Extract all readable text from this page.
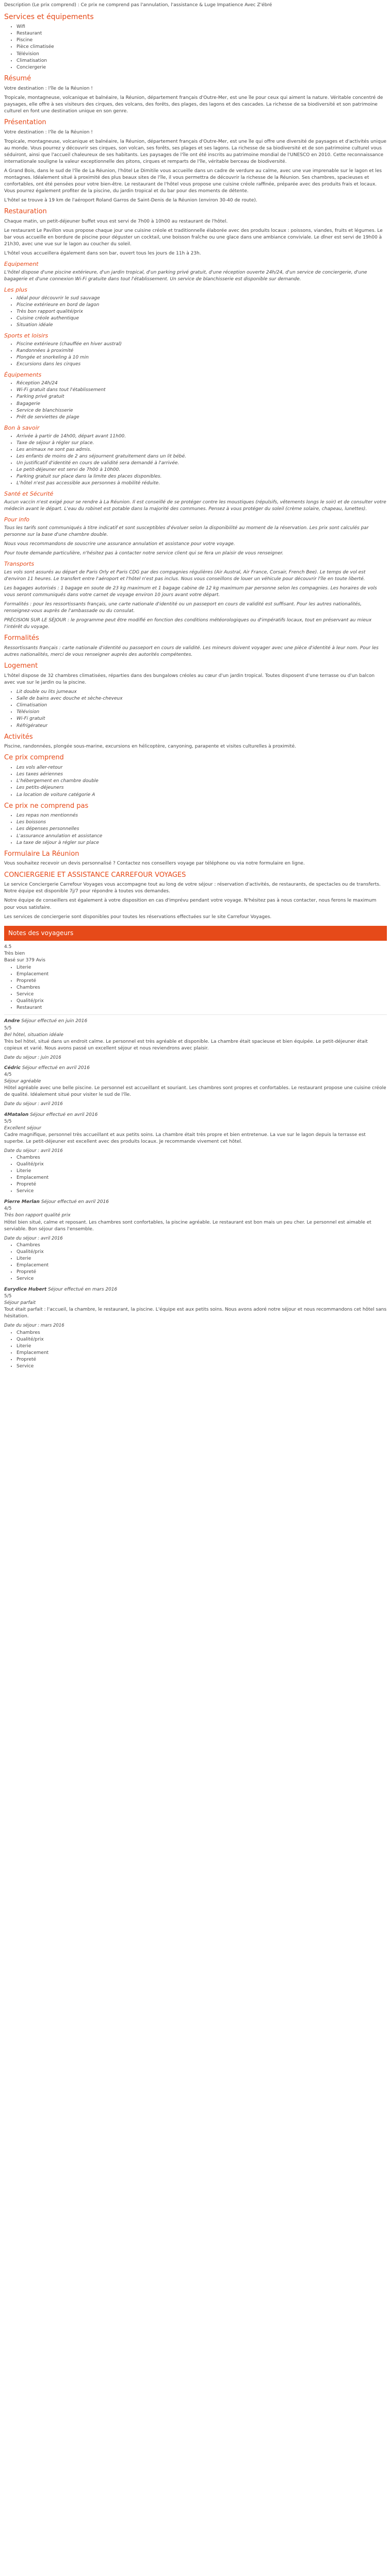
Description (Le prix comprend) : Ce prix ne comprend pas l'annulation, l'assistance & Luge Impatience Avec Z'ébré
Services et équipements
• Wifi
• Restaurant
• Piscine
• Pièce climatisée
• Télévision
• Climatisation
• Conciergerie
Résumé

Votre destination : l'île de la Réunion !

Tropicale, montagneuse, volcanique et balnéaire, la Réunion, département français d'Outre-Mer, est une île pour ceux qui aiment la nature. Véritable concentré de paysages, elle offre à ses visiteurs des cirques, des volcans, des forêts, des plages, des lagons et des cascades. La richesse de sa biodiversité et son patrimoine culturel en font une destination unique en son genre.

Présentation

Votre destination : l'île de la Réunion !

Tropicale, montagneuse, volcanique et balnéaire, la Réunion, département français d'Outre-Mer, est une île qui offre une diversité de paysages et d'activités unique au monde. Vous pourrez y découvrir ses cirques, son volcan, ses forêts, ses plages et ses lagons. La richesse de sa biodiversité et de son patrimoine culturel vous séduiront, ainsi que l'accueil chaleureux de ses habitants. Les paysages de l'île ont été inscrits au patrimoine mondial de l'UNESCO en 2010. Cette reconnaissance internationale souligne la valeur exceptionnelle des pitons, cirques et remparts de l'île, véritable berceau de biodiversité.

A Grand Bois, dans le sud de l'île de La Réunion, l'hôtel Le Dimitile vous accueille dans un cadre de verdure au calme, avec une vue imprenable sur le lagon et les montagnes. Idéalement situé à proximité des plus beaux sites de l'île, il vous permettra de découvrir la richesse de la Réunion. Ses chambres, spacieuses et confortables, ont été pensées pour votre bien-être. Le restaurant de l'hôtel vous propose une cuisine créole raffinée, préparée avec des produits frais et locaux. Vous pourrez également profiter de la piscine, du jardin tropical et du bar pour des moments de détente.

L'hôtel se trouve à 19 km de l'aéroport Roland Garros de Saint-Denis de la Réunion (environ 30-40 de route).

Restauration

Chaque matin, un petit-déjeuner buffet vous est servi de 7h00 à 10h00 au restaurant de l'hôtel.

Le restaurant Le Pavillon vous propose chaque jour une cuisine créole et traditionnelle élaborée avec des produits locaux : poissons, viandes, fruits et légumes. Le bar vous accueille en bordure de piscine pour déguster un cocktail, une boisson fraîche ou une glace dans une ambiance conviviale. Le dîner est servi de 19h00 à 21h30, avec une vue sur le lagon au coucher du soleil.

L'hôtel vous accueillera également dans son bar, ouvert tous les jours de 11h à 23h.

Equipement

L'hôtel dispose d'une piscine extérieure, d'un jardin tropical, d'un parking privé gratuit, d'une réception ouverte 24h/24, d'un service de conciergerie, d'une bagagerie et d'une connexion Wi-Fi gratuite dans tout l'établissement. Un service de blanchisserie est disponible sur demande.

Les plus
• Idéal pour découvrir le sud sauvage
• Piscine extérieure en bord de lagon
• Très bon rapport qualité/prix
• Cuisine créole authentique
• Situation idéale
Sports et loisirs
• Piscine extérieure (chauffée en hiver austral)
• Randonnées à proximité
• Plongée et snorkeling à 10 min
• Excursions dans les cirques
Équipements
• Réception 24h/24
• Wi-Fi gratuit dans tout l'établissement
• Parking privé gratuit
• Bagagerie
• Service de blanchisserie
• Prêt de serviettes de plage
Bon à savoir
• Arrivée à partir de 14h00, départ avant 11h00.
• Taxe de séjour à régler sur place.
• Les animaux ne sont pas admis.
• Les enfants de moins de 2 ans séjournent gratuitement dans un lit bébé.
• Un justificatif d'identité en cours de validité sera demandé à l'arrivée.
• Le petit-déjeuner est servi de 7h00 à 10h00.
• Parking gratuit sur place dans la limite des places disponibles.
• L'hôtel n'est pas accessible aux personnes à mobilité réduite.
Santé et Sécurité

Aucun vaccin n'est exigé pour se rendre à La Réunion. Il est conseillé de se protéger contre les moustiques (répulsifs, vêtements longs le soir) et de consulter votre médecin avant le départ. L'eau du robinet est potable dans la majorité des communes. Pensez à vous protéger du soleil (crème solaire, chapeau, lunettes).

Pour info

Tous les tarifs sont communiqués à titre indicatif et sont susceptibles d'évoluer selon la disponibilité au moment de la réservation. Les prix sont calculés par personne sur la base d'une chambre double.

Nous vous recommandons de souscrire une assurance annulation et assistance pour votre voyage.

Pour toute demande particulière, n'hésitez pas à contacter notre service client qui se fera un plaisir de vous renseigner.

Transports

Les vols sont assurés au départ de Paris Orly et Paris CDG par des compagnies régulières (Air Austral, Air France, Corsair, French Bee). Le temps de vol est d'environ 11 heures. Le transfert entre l'aéroport et l'hôtel n'est pas inclus. Nous vous conseillons de louer un véhicule pour découvrir l'île en toute liberté.

Les bagages autorisés : 1 bagage en soute de 23 kg maximum et 1 bagage cabine de 12 kg maximum par personne selon les compagnies. Les horaires de vols vous seront communiqués dans votre carnet de voyage environ 10 jours avant votre départ.

Formalités : pour les ressortissants français, une carte nationale d'identité ou un passeport en cours de validité est suffisant. Pour les autres nationalités, renseignez-vous auprès de l'ambassade ou du consulat.

PRÉCISION SUR LE SÉJOUR : le programme peut être modifié en fonction des conditions météorologiques ou d'impératifs locaux, tout en préservant au mieux l'intérêt du voyage.

Formalités

Ressortissants français : carte nationale d'identité ou passeport en cours de validité. Les mineurs doivent voyager avec une pièce d'identité à leur nom. Pour les autres nationalités, merci de vous renseigner auprès des autorités compétentes.

Logement

L'hôtel dispose de 32 chambres climatisées, réparties dans des bungalows créoles au cœur d'un jardin tropical. Toutes disposent d'une terrasse ou d'un balcon avec vue sur le jardin ou la piscine.

• Lit double ou lits jumeaux
• Salle de bains avec douche et sèche-cheveux
• Climatisation
• Télévision
• Wi-Fi gratuit
• Réfrigérateur
Activités

Piscine, randonnées, plongée sous-marine, excursions en hélicoptère, canyoning, parapente et visites culturelles à proximité.

Ce prix comprend
• Les vols aller-retour
• Les taxes aériennes
• L'hébergement en chambre double
• Les petits-déjeuners
• La location de voiture catégorie A
Ce prix ne comprend pas
• Les repas non mentionnés
• Les boissons
• Les dépenses personnelles
• L'assurance annulation et assistance
• La taxe de séjour à régler sur place
Formulaire La Réunion

Vous souhaitez recevoir un devis personnalisé ? Contactez nos conseillers voyage par téléphone ou via notre formulaire en ligne.

CONCIERGERIE ET ASSISTANCE CARREFOUR VOYAGES

Le service Conciergerie Carrefour Voyages vous accompagne tout au long de votre séjour : réservation d'activités, de restaurants, de spectacles ou de transferts. Notre équipe est disponible 7j/7 pour répondre à toutes vos demandes.

Notre équipe de conseillers est également à votre disposition en cas d'imprévu pendant votre voyage. N'hésitez pas à nous contacter, nous ferons le maximum pour vous satisfaire.

Les services de conciergerie sont disponibles pour toutes les réservations effectuées sur le site Carrefour Voyages.

Notes des voyageurs
4.5
Très bien
Basé sur 379 Avis
• Literie
• Emplacement
• Propreté
• Chambres
• Service
• Qualité/prix
• Restaurant
Andre Séjour effectué en juin 2016
5/5
Bel hôtel, situation idéale

Très bel hôtel, situé dans un endroit calme. Le personnel est très agréable et disponible. La chambre était spacieuse et bien équipée. Le petit-déjeuner était copieux et varié. Nous avons passé un excellent séjour et nous reviendrons avec plaisir.

Date du séjour : juin 2016
Cédric Séjour effectué en avril 2016
4/5
Séjour agréable

Hôtel agréable avec une belle piscine. Le personnel est accueillant et souriant. Les chambres sont propres et confortables. Le restaurant propose une cuisine créole de qualité. Idéalement situé pour visiter le sud de l'île.

Date du séjour : avril 2016
4Matalon Séjour effectué en avril 2016
5/5
Excellent séjour

Cadre magnifique, personnel très accueillant et aux petits soins. La chambre était très propre et bien entretenue. La vue sur le lagon depuis la terrasse est superbe. Le petit-déjeuner est excellent avec des produits locaux. Je recommande vivement cet hôtel.

Date du séjour : avril 2016
• Chambres
• Qualité/prix
• Literie
• Emplacement
• Propreté
• Service
Pierre Merlan Séjour effectué en avril 2016
4/5
Très bon rapport qualité prix

Hôtel bien situé, calme et reposant. Les chambres sont confortables, la piscine agréable. Le restaurant est bon mais un peu cher. Le personnel est aimable et serviable. Bon séjour dans l'ensemble.

Date du séjour : avril 2016
• Chambres
• Qualité/prix
• Literie
• Emplacement
• Propreté
• Service
Eurydice Hubert Séjour effectué en mars 2016
5/5
Séjour parfait

Tout était parfait : l'accueil, la chambre, le restaurant, la piscine. L'équipe est aux petits soins. Nous avons adoré notre séjour et nous recommandons cet hôtel sans hésitation.

Date du séjour : mars 2016
• Chambres
• Qualité/prix
• Literie
• Emplacement
• Propreté
• Service
